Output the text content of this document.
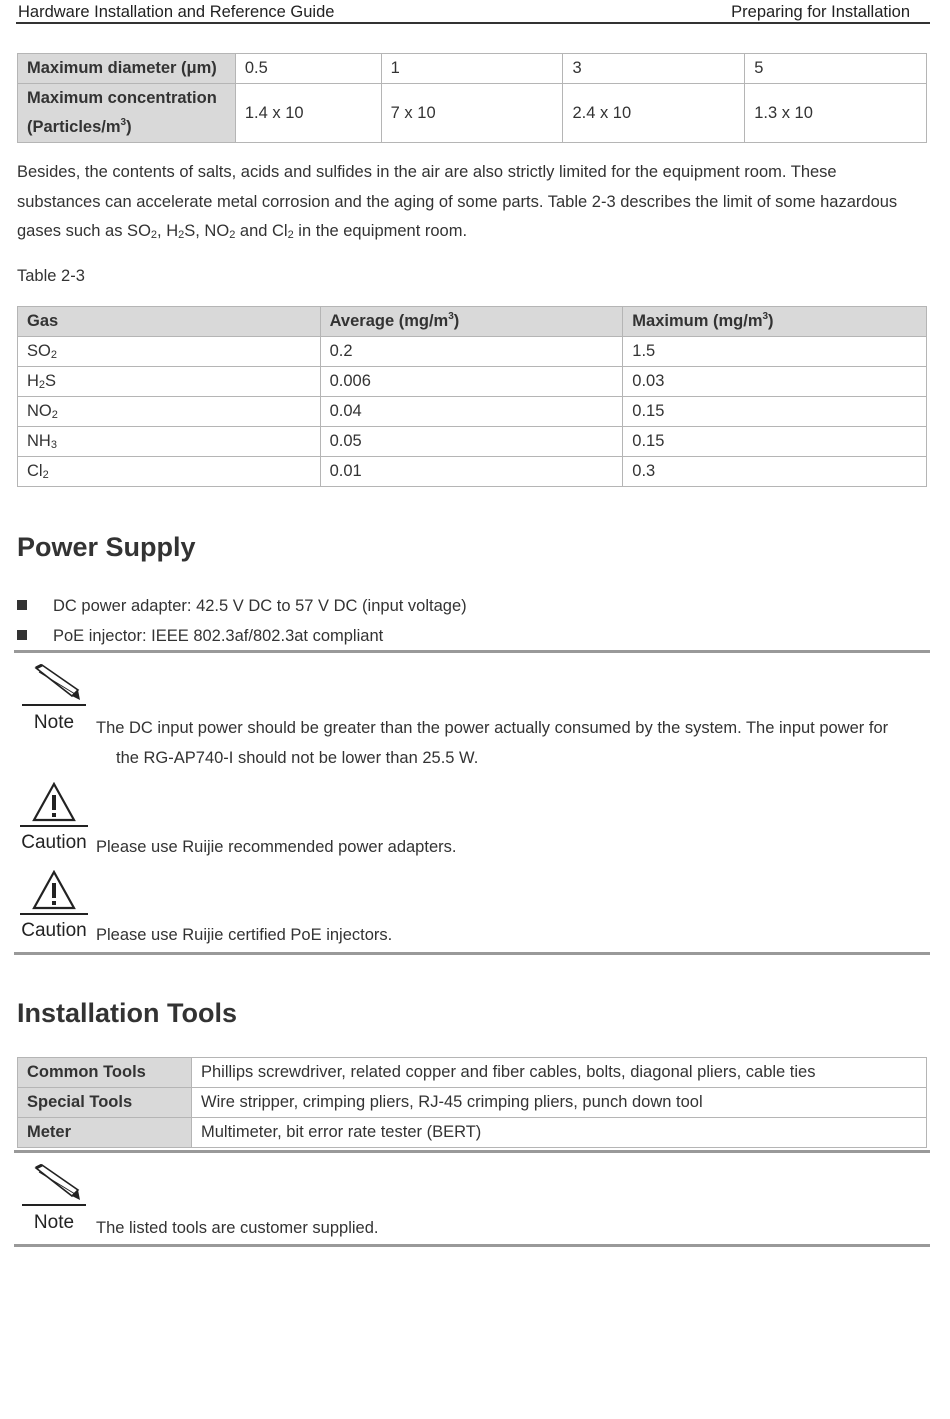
Hardware Installation and Reference Guide	Preparing for Installation
Maximum diameter (μm)	0.5	1	3	5
Maximum concentration
$(Particles/m^3)$	1.4 x 10	7 x 10	2.4 x 10	1.3 x 10
Besides, the contents of salts, acids and sulfides in the air are also strictly limited for the equipment room. These
substances can accelerate metal corrosion and the aging of some parts. Table 2-3 describes the limit of some hazardous
gases such as $SO_2$, $H_2S$, $NO_2$ and $Cl_2$ in the equipment room.
Table 2-3
Gas	Average $(mg/m^3)$	Maximum $(mg/m^3)$
$SO_2$	0.2	1.5
$H_2S$	0.006	0.03
$NO_2$	0.04	0.15
$NH_3$	0.05	0.15
$Cl_2$	0.01	0.3
Power Supply
DC power adapter: 42.5 V DC to 57 V DC (input voltage)
PoE injector: IEEE 802.3af/802.3at compliant
Note	The DC input power should be greater than the power actually consumed by the system. The input power for

the RG-AP740-I should not be lower than 25.5 W.
Caution Please use Ruijie recommended power adapters.
Caution Please use Ruijie certified PoE injectors.
Installation Tools
Common Tools	Phillips screwdriver, related copper and fiber cables, bolts, diagonal pliers, cable ties
Special Tools	Wire stripper, crimping pliers, RJ-45 crimping pliers, punch down tool
Meter	Multimeter, bit error rate tester (BERT)
Note	The listed tools are customer supplied.
